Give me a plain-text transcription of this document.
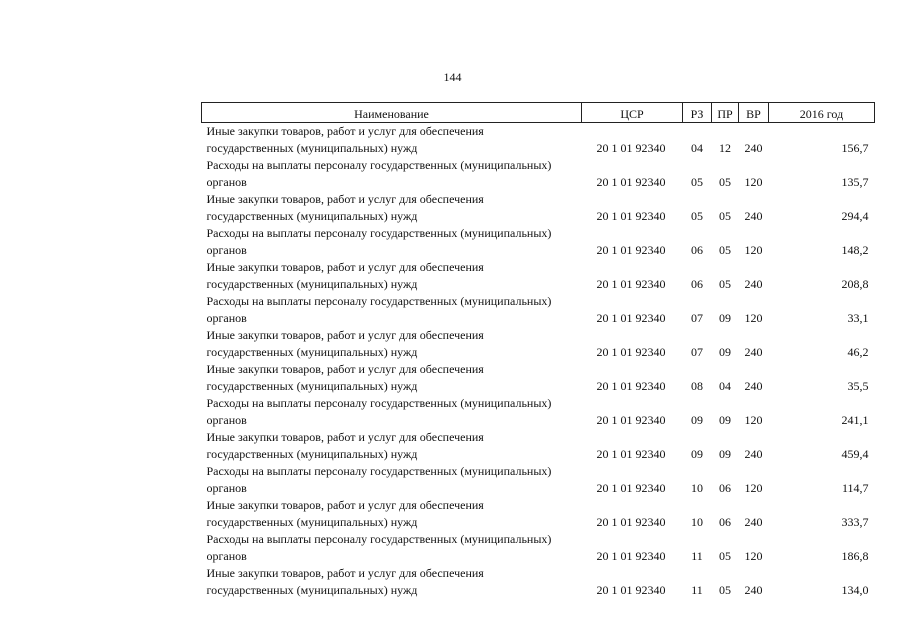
144
Наименование	ЦСР	РЗ	ПР	ВР	2016 год

Иные закупки товаров, работ и услуг для обеспечения
государственных (муниципальных) нужд	20 1 01 92340	04	12	240	156,7

Расходы на выплаты персоналу государственных (муниципальных)
органов	20 1 01 92340	05	05	120	135,7

Иные закупки товаров, работ и услуг для обеспечения
государственных (муниципальных) нужд	20 1 01 92340	05	05	240	294,4

Расходы на выплаты персоналу государственных (муниципальных)
органов	20 1 01 92340	06	05	120	148,2

Иные закупки товаров, работ и услуг для обеспечения
государственных (муниципальных) нужд	20 1 01 92340	06	05	240	208,8

Расходы на выплаты персоналу государственных (муниципальных)
органов	20 1 01 92340	07	09	120	33,1

Иные закупки товаров, работ и услуг для обеспечения
государственных (муниципальных) нужд	20 1 01 92340	07	09	240	46,2

Иные закупки товаров, работ и услуг для обеспечения
государственных (муниципальных) нужд	20 1 01 92340	08	04	240	35,5

Расходы на выплаты персоналу государственных (муниципальных)
органов	20 1 01 92340	09	09	120	241,1

Иные закупки товаров, работ и услуг для обеспечения
государственных (муниципальных) нужд	20 1 01 92340	09	09	240	459,4

Расходы на выплаты персоналу государственных (муниципальных)
органов	20 1 01 92340	10	06	120	114,7

Иные закупки товаров, работ и услуг для обеспечения
государственных (муниципальных) нужд	20 1 01 92340	10	06	240	333,7

Расходы на выплаты персоналу государственных (муниципальных)
органов	20 1 01 92340	11	05	120	186,8

Иные закупки товаров, работ и услуг для обеспечения
государственных (муниципальных) нужд	20 1 01 92340	11	05	240	134,0
